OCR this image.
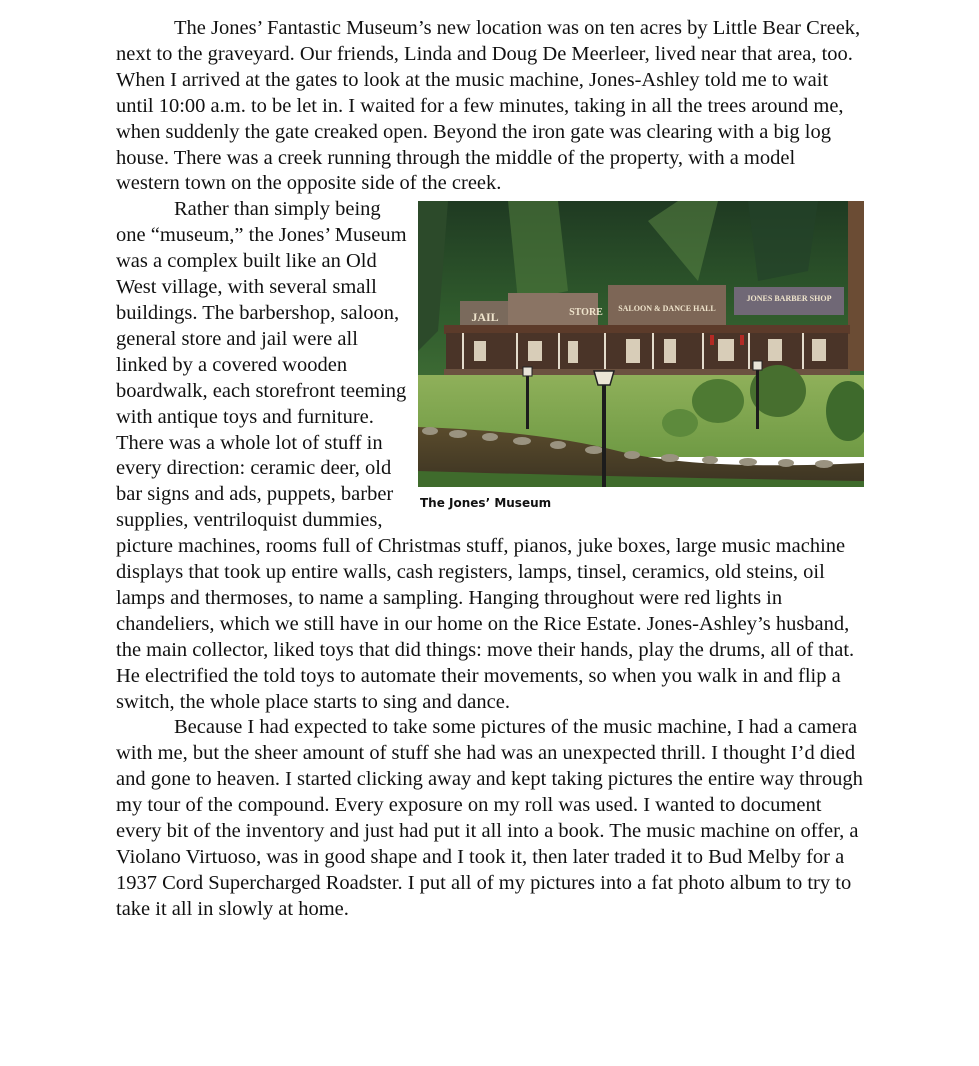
The Jones’ Fantastic Museum’s new location was on ten acres by Little Bear Creek, next to the graveyard. Our friends, Linda and Doug De Meerleer, lived near that area, too. When I arrived at the gates to look at the music machine, Jones-Ashley told me to wait until 10:00 a.m. to be let in. I waited for a few minutes, taking in all the trees around me, when suddenly the gate creaked open. Beyond the iron gate was clearing with a big log house. There was a creek running through the middle of the property, with a model western town on the opposite side of the creek.

JAIL	STORE SALOON & DANCE HALL
JONES BARBER SHOP
The Jones’ Museum

Rather than simply being one “museum,” the Jones’ Museum was a complex built like an Old West village, with several small buildings. The barbershop, saloon, general store and jail were all linked by a covered wooden boardwalk, each storefront teeming with antique toys and furniture. There was a whole lot of stuff in every direction: ceramic deer, old bar signs and ads, puppets, barber supplies, ventriloquist dummies, picture machines, rooms full of Christmas stuff, pianos, juke boxes, large music machine displays that took up entire walls, cash registers, lamps, tinsel, ceramics, old steins, oil lamps and thermoses, to name a sampling. Hanging throughout were red lights in chandeliers, which we still have in our home on the Rice Estate. Jones-Ashley’s husband, the main collector, liked toys that did things: move their hands, play the drums, all of that. He electrified the told toys to automate their movements, so when you walk in and flip a switch, the whole place starts to sing and dance.

Because I had expected to take some pictures of the music machine, I had a camera with me, but the sheer amount of stuff she had was an unexpected thrill. I thought I’d died and gone to heaven. I started clicking away and kept taking pictures the entire way through my tour of the compound. Every exposure on my roll was used. I wanted to document every bit of the inventory and just had put it all into a book. The music machine on offer, a Violano Virtuoso, was in good shape and I took it, then later traded it to Bud Melby for a 1937 Cord Supercharged Roadster. I put all of my pictures into a fat photo album to try to take it all in slowly at home.
